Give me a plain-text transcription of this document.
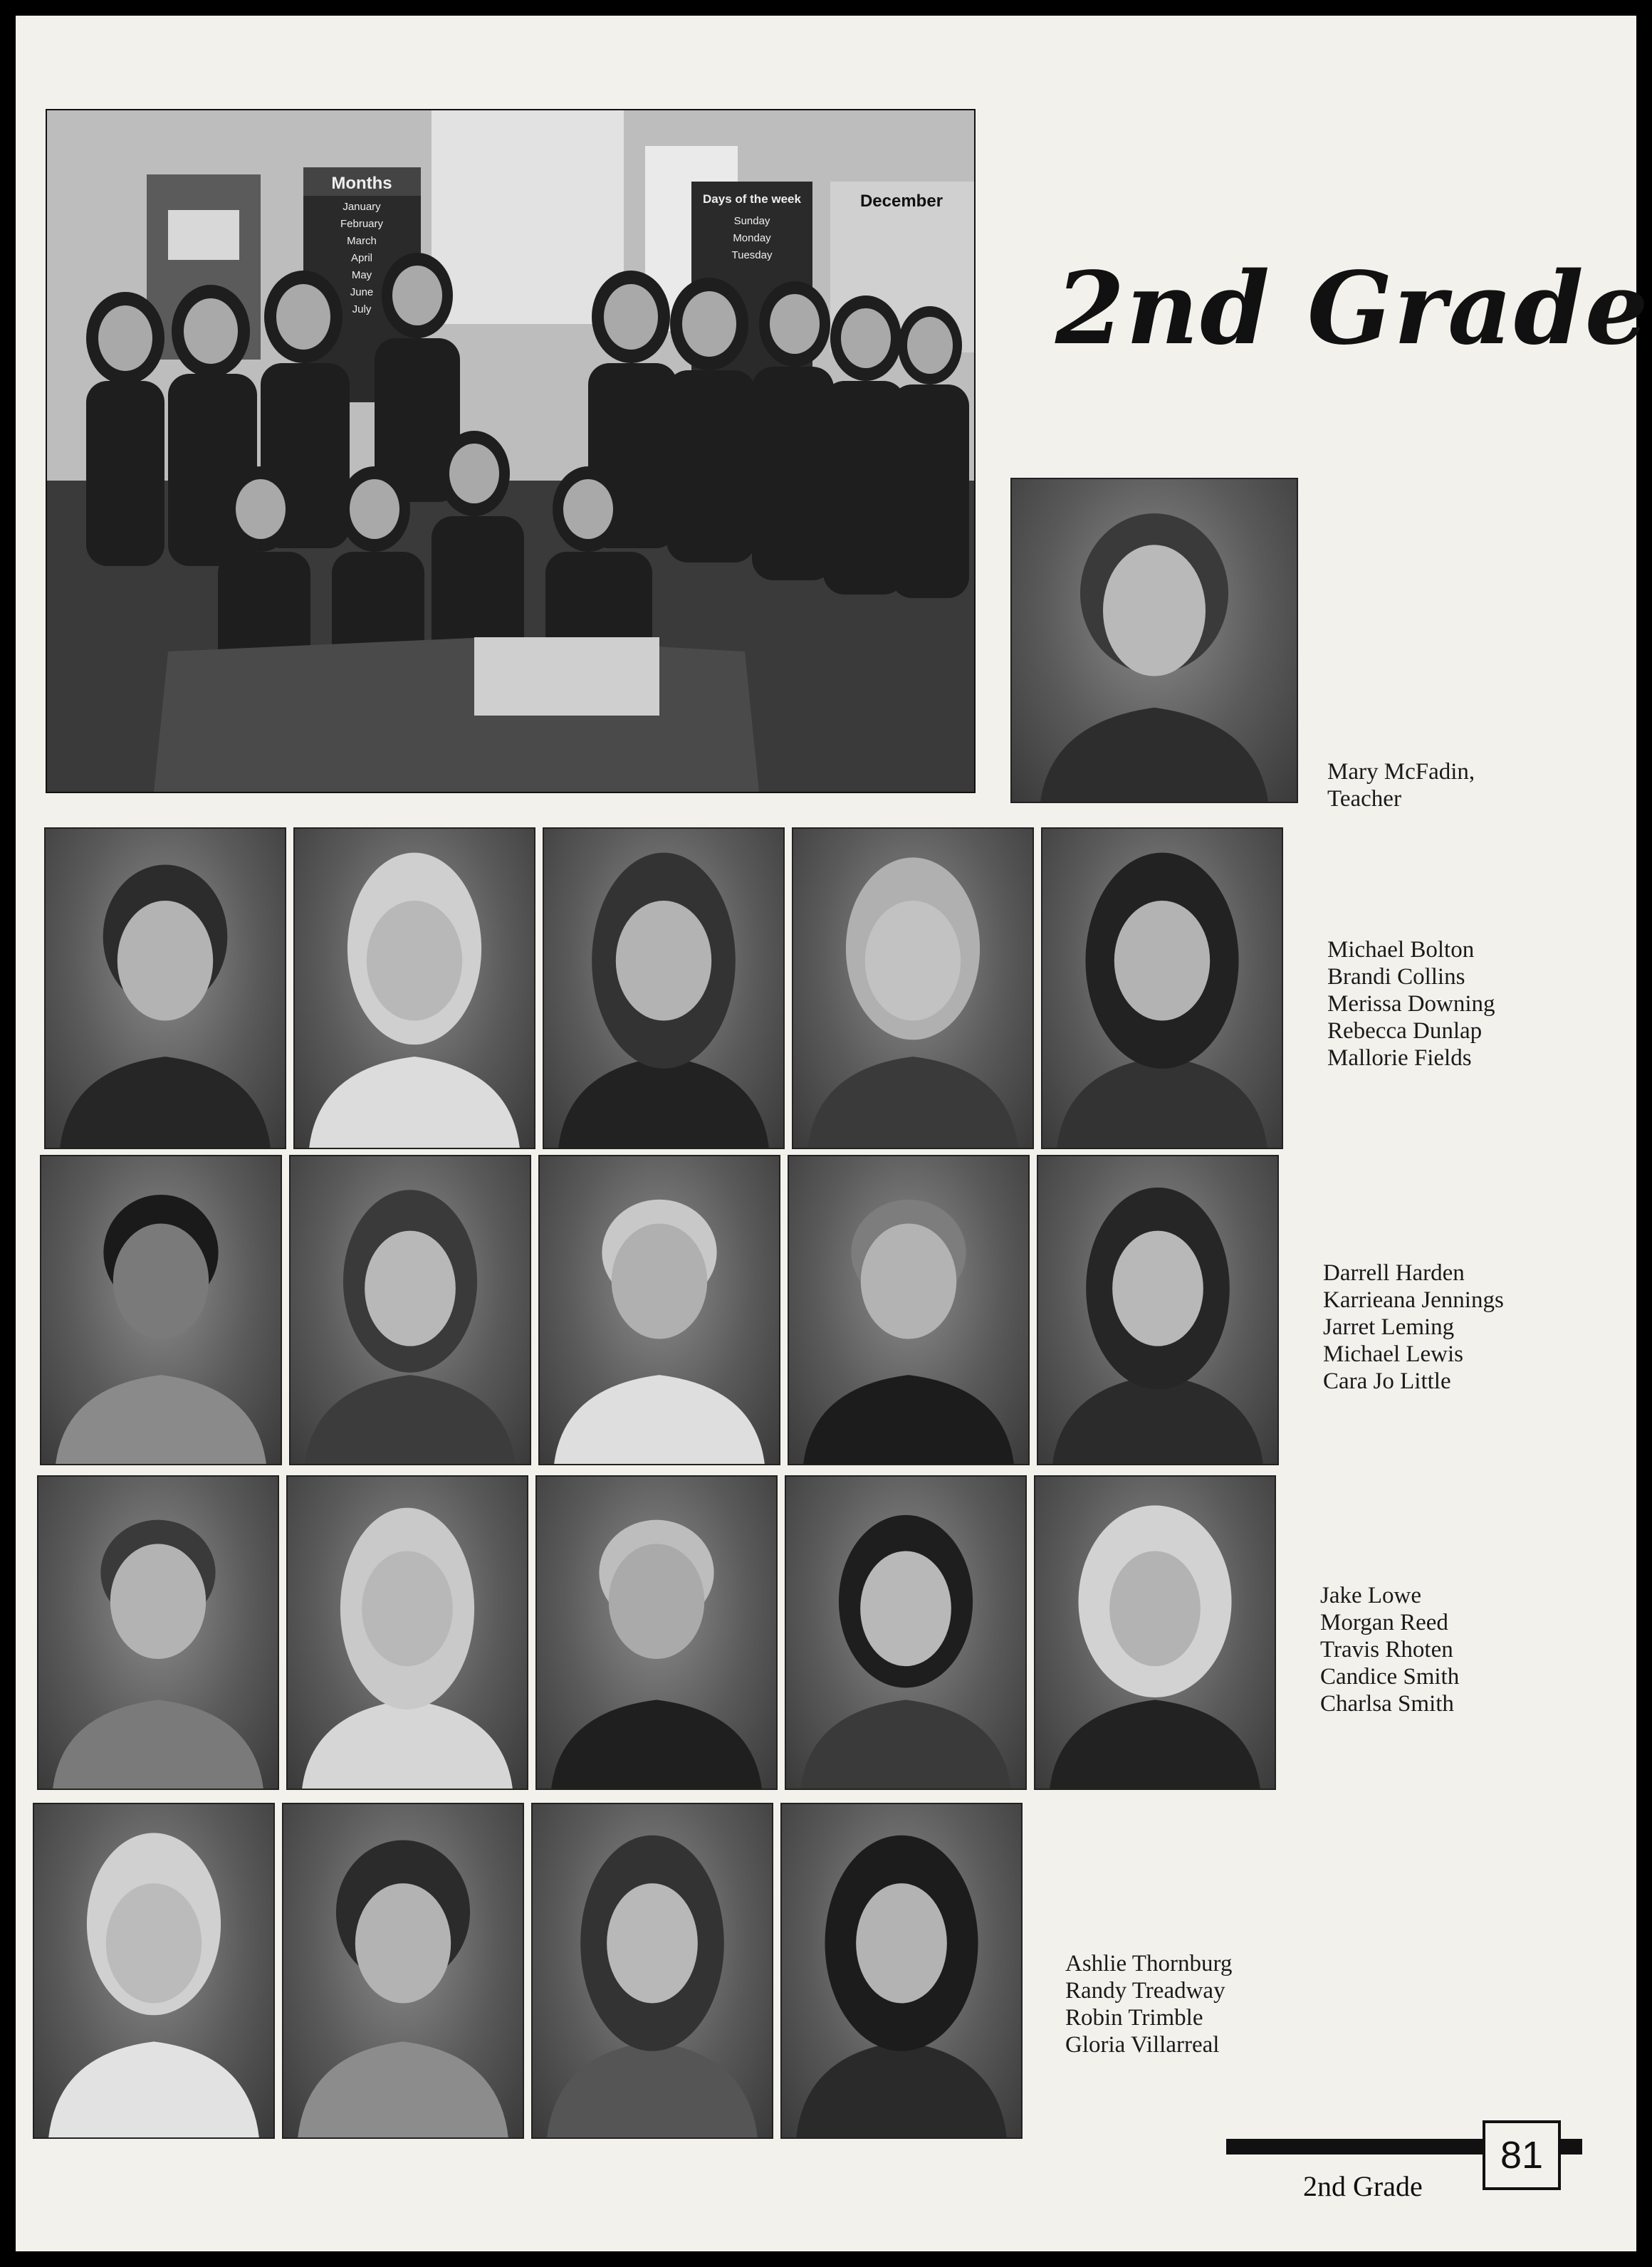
Months
January
February
March
April
May
June
July
Days of the week
Sunday
Monday
Tuesday
December
2nd Grade
Mary McFadin,
Teacher
Michael Bolton
Brandi Collins
Merissa Downing
Rebecca Dunlap
Mallorie Fields
Darrell Harden
Karrieana Jennings
Jarret Leming
Michael Lewis
Cara Jo Little
Jake Lowe
Morgan Reed
Travis Rhoten
Candice Smith
Charlsa Smith
Ashlie Thornburg
Randy Treadway
Robin Trimble
Gloria Villarreal
2nd Grade
81
